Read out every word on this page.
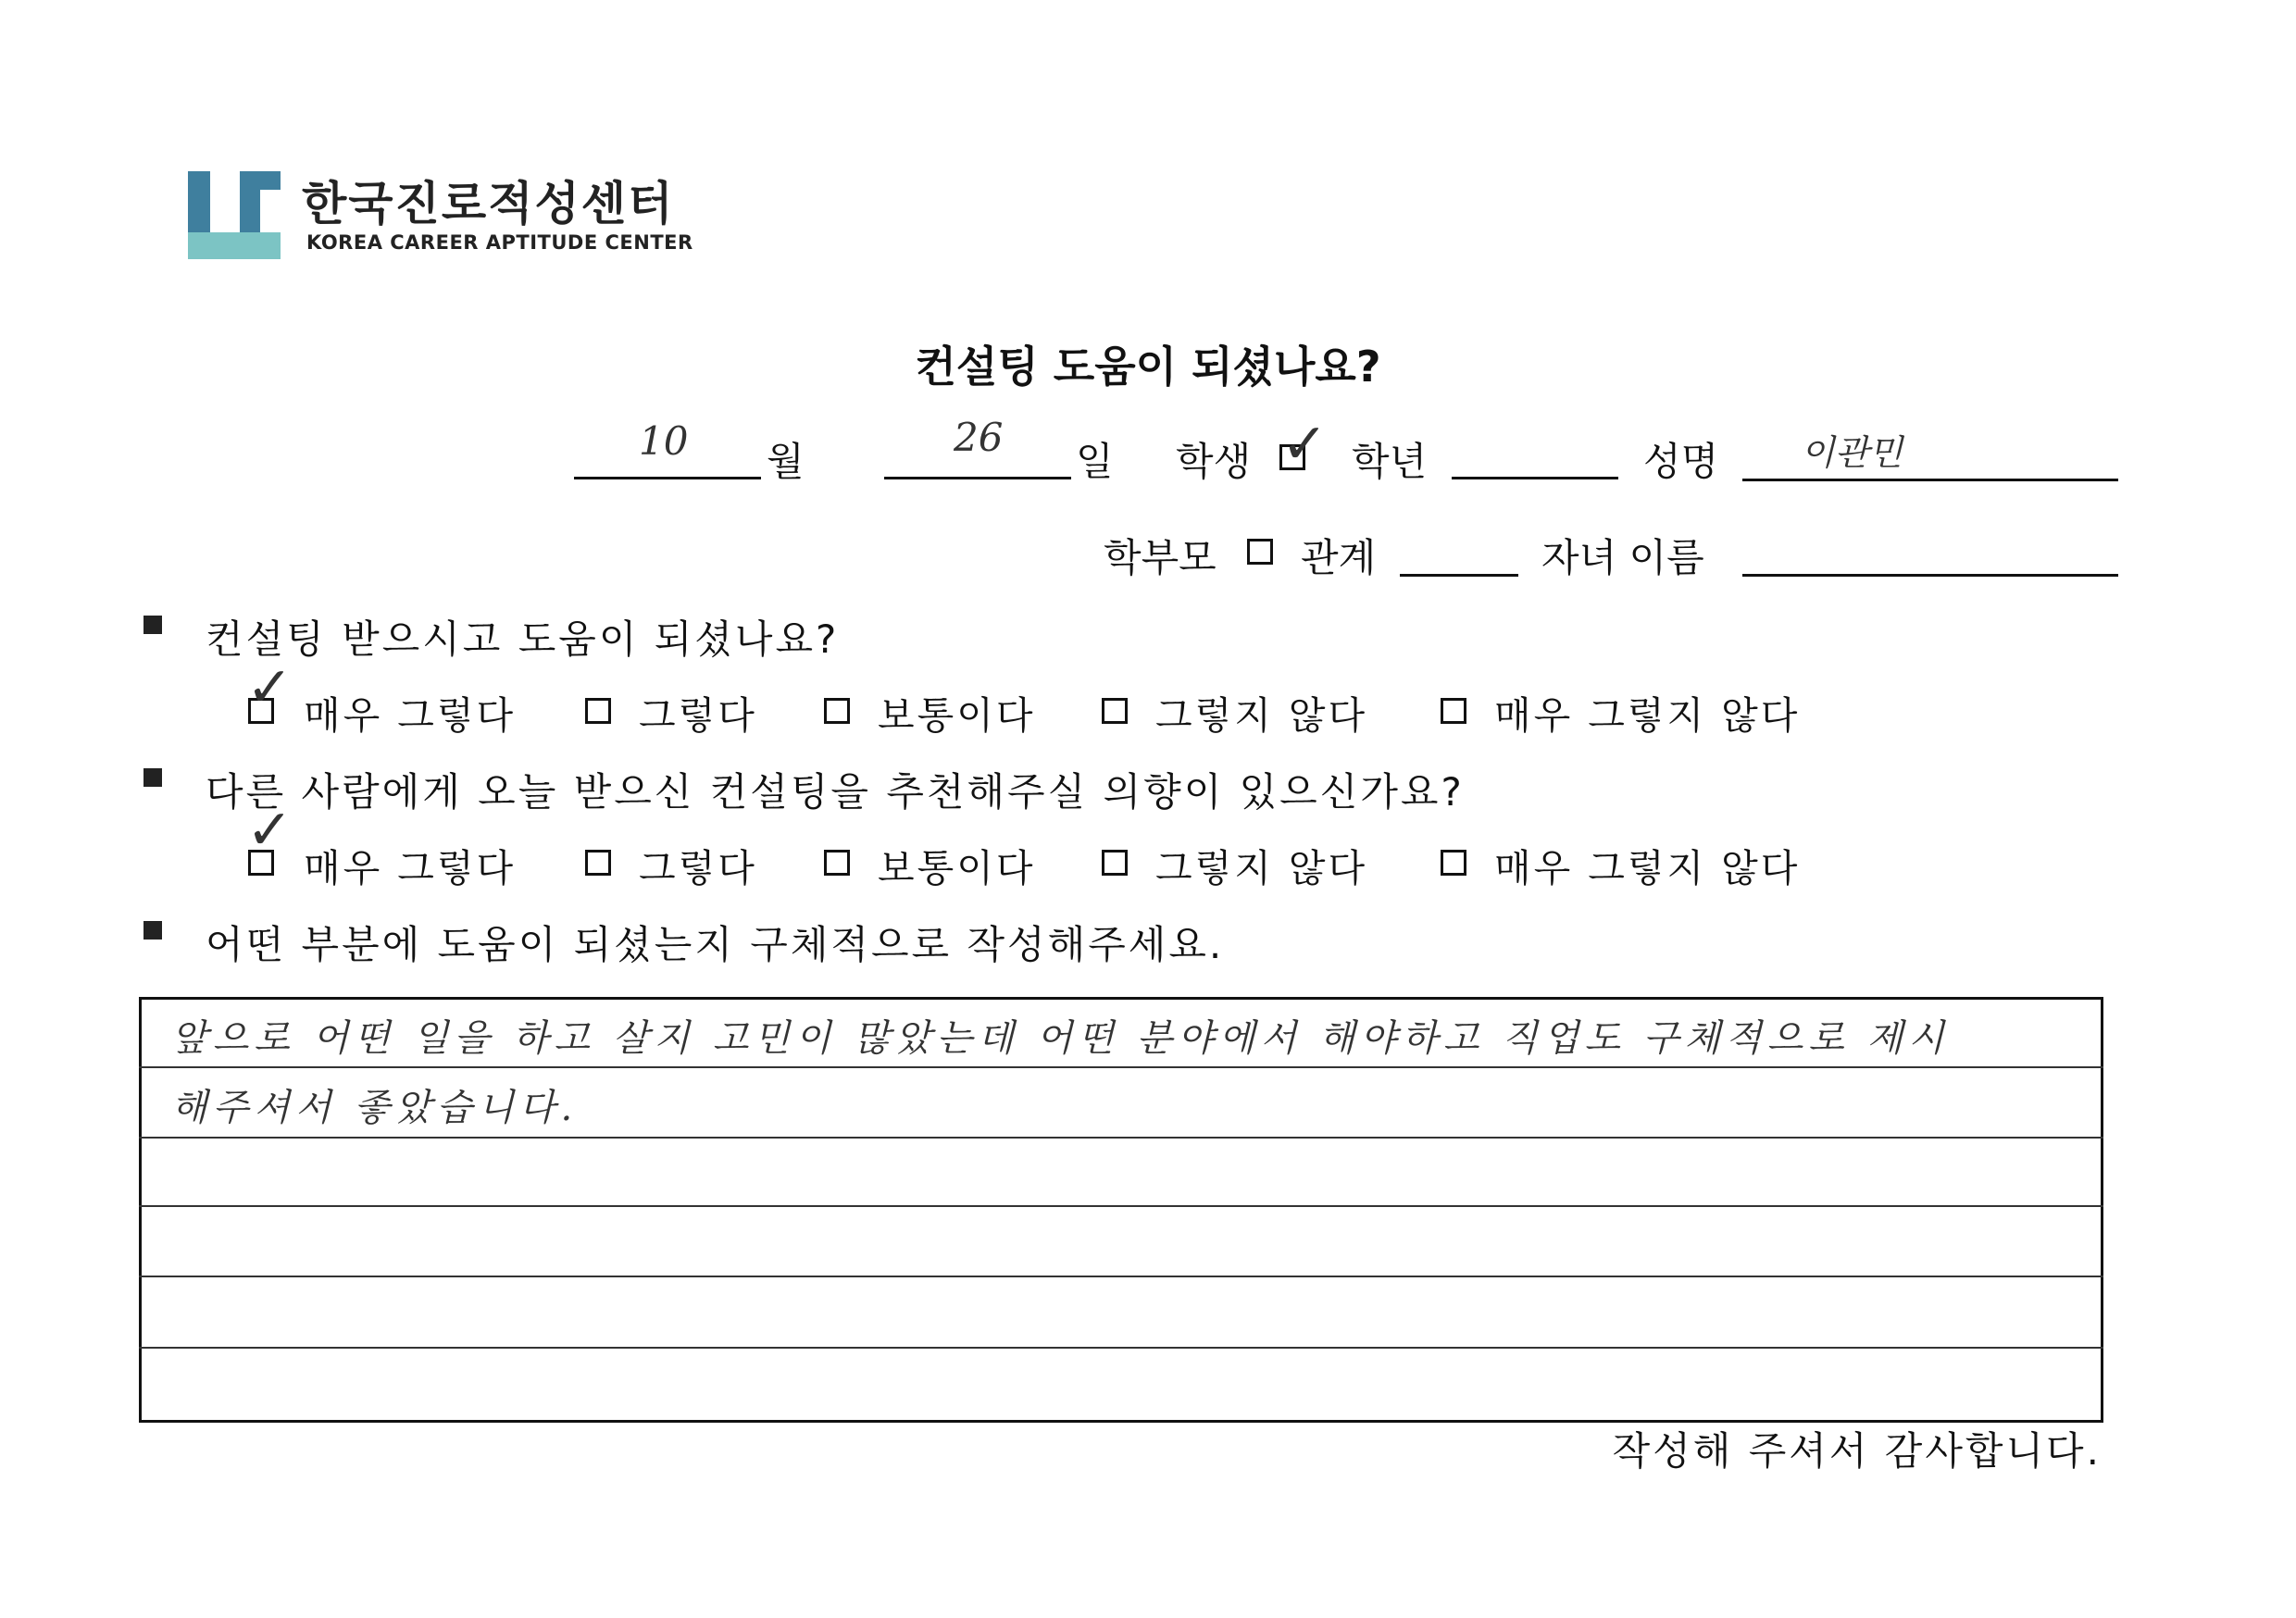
한국진로적성센터
KOREA CAREER APTITUDE CENTER
컨설팅 도움이 되셨나요?
10 월
26
일 학생 ✓ 학년	성명 이관민
학부모 관계	자녀 이름
컨설팅 받으시고 도움이 되셨나요?
✓ 매우 그렇다	그렇다	보통이다	그렇지 않다	매우 그렇지 않다
다른 사람에게 오늘 받으신 컨설팅을 추천해주실 의향이 있으신가요?
✓
매우 그렇다	그렇다	보통이다	그렇지 않다	매우 그렇지 않다
어떤 부분에 도움이 되셨는지 구체적으로 작성해주세요.
앞으로 어떤 일을 하고 살지 고민이 많았는데 어떤 분야에서 해야하고 직업도 구체적으로 제시
해주셔서 좋았습니다.
작성해 주셔서 감사합니다.
